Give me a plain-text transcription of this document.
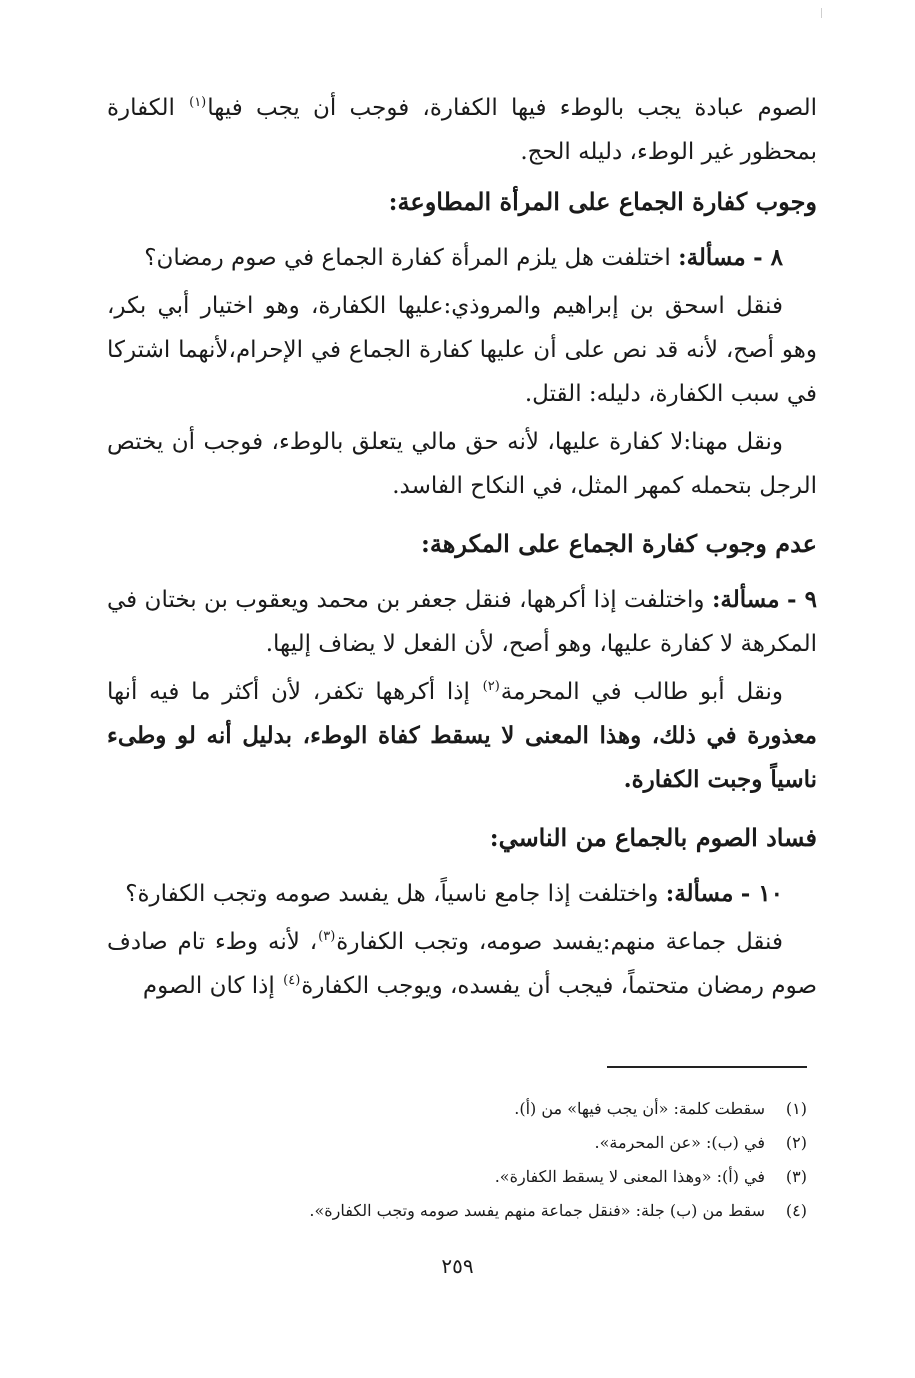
الصوم عبادة يجب بالوطء فيها الكفارة، فوجب أن يجب فيها$^{(١)}$ الكفارة بمحظور غير الوطء، دليله الحج.

وجوب كفارة الجماع على المرأة المطاوعة:

٨ - مسألة: اختلفت هل يلزم المرأة كفارة الجماع في صوم رمضان؟

فنقل اسحق بن إبراهيم والمروذي:عليها الكفارة، وهو اختيار أبي بكر، وهو أصح، لأنه قد نص على أن عليها كفارة الجماع في الإحرام،لأنهما اشتركا في سبب الكفارة، دليله: القتل.

ونقل مهنا:لا كفارة عليها، لأنه حق مالي يتعلق بالوطء، فوجب أن يختص الرجل بتحمله كمهر المثل، في النكاح الفاسد.

عدم وجوب كفارة الجماع على المكرهة:

٩ - مسألة: واختلفت إذا أكرهها، فنقل جعفر بن محمد ويعقوب بن بختان في المكرهة لا كفارة عليها، وهو أصح، لأن الفعل لا يضاف إليها.

ونقل أبو طالب في المحرمة$^{(٢)}$ إذا أكرهها تكفر، لأن أكثر ما فيه أنها معذورة في ذلك، وهذا المعنى لا يسقط كفاة الوطء، بدليل أنه لو وطىء ناسياً وجبت الكفارة.

فساد الصوم بالجماع من الناسي:

١٠ - مسألة: واختلفت إذا جامع ناسياً، هل يفسد صومه وتجب الكفارة؟

فنقل جماعة منهم:يفسد صومه، وتجب الكفارة$^{(٣)}$، لأنه وطء تام صادف صوم رمضان متحتماً، فيجب أن يفسده، ويوجب الكفارة$^{(٤)}$ إذا كان الصوم

(١)
سقطت كلمة: «أن يجب فيها» من (أ).
(٢)
في (ب): «عن المحرمة».
(٣)
في (أ): «وهذا المعنى لا يسقط الكفارة».
(٤)
سقط من (ب) جلة: «فنقل جماعة منهم يفسد صومه وتجب الكفارة».
٢٥٩
